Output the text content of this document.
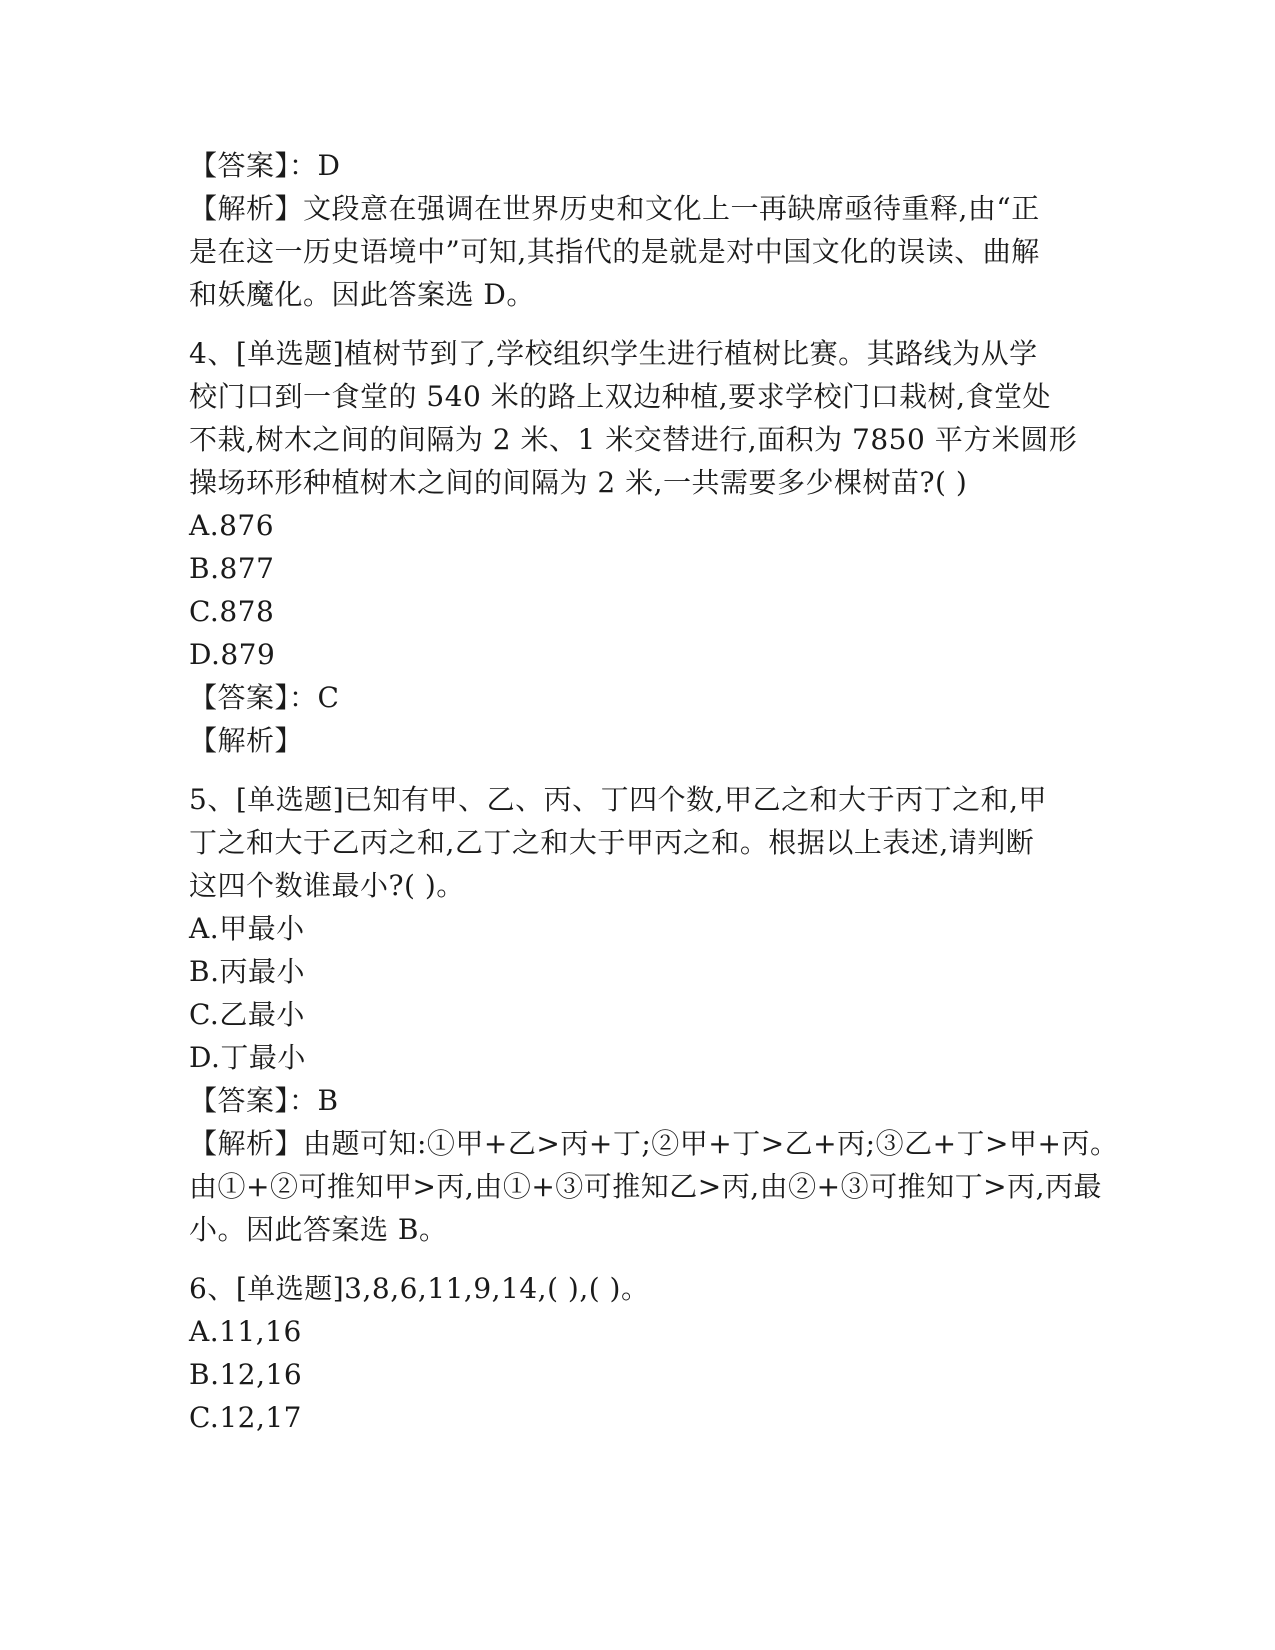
【答案】：D
【解析】文段意在强调在世界历史和文化上一再缺席亟待重释,由“正
是在这一历史语境中”可知,其指代的是就是对中国文化的误读、曲解
和妖魔化。因此答案选 D。
4、[单选题]植树节到了,学校组织学生进行植树比赛。其路线为从学
校门口到一食堂的 540 米的路上双边种植,要求学校门口栽树,食堂处
不栽,树木之间的间隔为 2 米、1 米交替进行,面积为 7850 平方米圆形
操场环形种植树木之间的间隔为 2 米,一共需要多少棵树苗?( )
A.876
B.877
C.878
D.879
【答案】：C
【解析】
5、[单选题]已知有甲、乙、丙、丁四个数,甲乙之和大于丙丁之和,甲
丁之和大于乙丙之和,乙丁之和大于甲丙之和。根据以上表述,请判断
这四个数谁最小?( )。
A.甲最小
B.丙最小
C.乙最小
D.丁最小
【答案】：B
【解析】由题可知:①甲+乙>丙+丁;②甲+丁>乙+丙;③乙+丁>甲+丙。
由①+②可推知甲>丙,由①+③可推知乙>丙,由②+③可推知丁>丙,丙最
小。因此答案选 B。
6、[单选题]3,8,6,11,9,14,( ),( )。
A.11,16
B.12,16
C.12,17
